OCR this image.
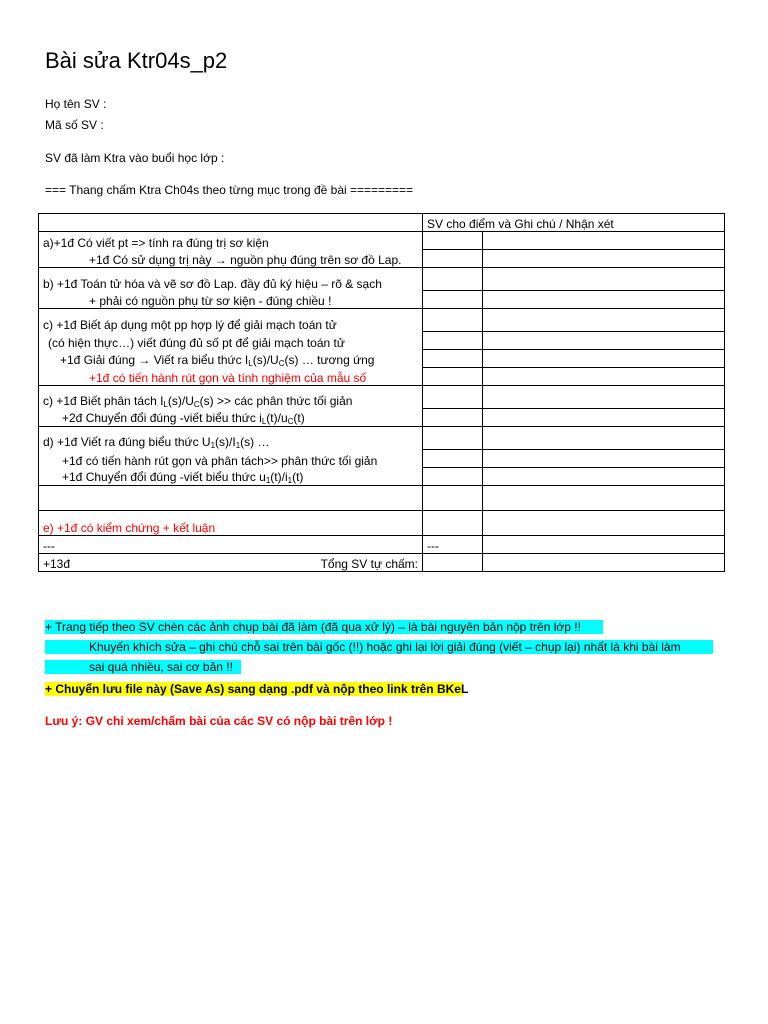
Bài sửa Ktr04s_p2
Họ tên SV :
Mã số SV :
SV đã làm Ktra vào buổi học lớp :
=== Thang chấm Ktra Ch04s theo từng mục trong đề bài =========
	SV cho điểm và Ghi chú / Nhận xét	
a)+1đ Có viết pt => tính ra đúng trị sơ kiện		
+1đ Có sử dụng trị này → nguồn phụ đúng trên sơ đồ Lap.		
b) +1đ Toán tử hóa và vẽ sơ đồ Lap. đầy đủ ký hiệu – rõ & sạch		
+ phải có nguồn phụ từ sơ kiện - đúng chiều !		
c) +1đ Biết áp dụng một pp hợp lý để giải mạch toán tử		
(có hiện thực…) viết đúng đủ số pt để giải mạch toán tử		
+1đ Giải đúng → Viết ra biểu thức $I_L(s)/U_C(s)$ … tương ứng		
+1đ có tiến hành rút gọn và tính nghiệm của mẫu số		
c) +1đ Biết phân tách $I_L(s)/U_C(s)$ >> các phân thức tối giản		
+2đ Chuyển đổi đúng -viết biểu thức $i_L(t)/u_C(t)$		
d) +1đ Viết ra đúng biểu thức $U_1(s)/I_1(s)$ …		
+1đ có tiến hành rút gọn và phân tách>> phân thức tối giản		
+1đ Chuyển đổi đúng -viết biểu thức $u_1(t)/i_1(t)$		

e) +1đ có kiểm chứng + kết luận		
---	---	
+13đ Tổng SV tự chấm:		

+ Trang tiếp theo SV chèn các ảnh chụp bài đã làm (đã qua xử lý) – là bài nguyên bản nộp trên lớp !!
Khuyến khích sửa – ghi chú chỗ sai trên bài gốc (!!) hoặc ghi lại lời giải đúng (viết – chụp lại) nhất là khi bài làm
sai quá nhiều, sai cơ bản !!
+ Chuyển lưu file này (Save As) sang dạng .pdf và nộp theo link trên BKeL
Lưu ý: GV chỉ xem/chấm bài của các SV có nộp bài trên lớp !
